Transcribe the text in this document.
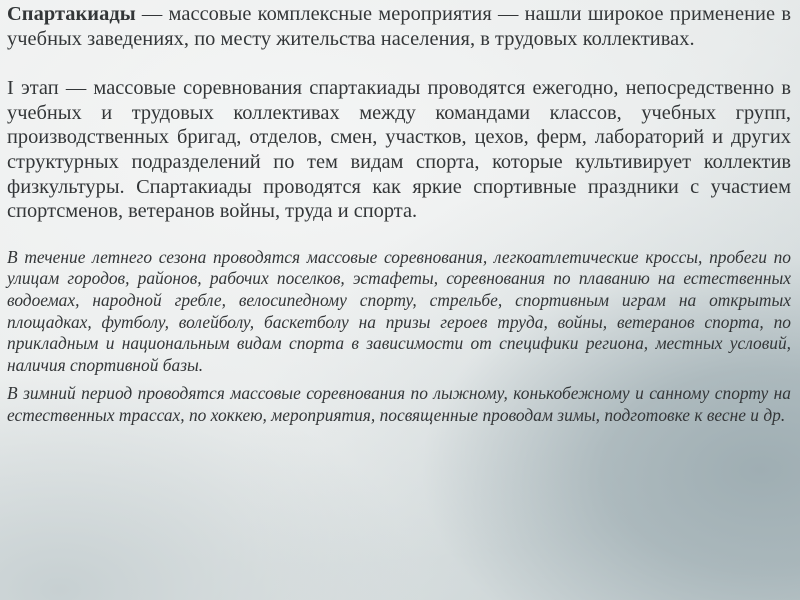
Спартакиады — массовые комплексные мероприятия — нашли широкое применение в учебных заведениях, по месту жительства населения, в трудовых коллективах.

I этап — массовые соревнования спартакиады проводятся ежегодно, непосредственно в учебных и трудовых коллективах между командами классов, учебных групп, производственных бригад, отделов, смен, участков, цехов, ферм, лабораторий и других структурных подразделений по тем видам спорта, которые культивирует коллектив физкультуры. Спартакиады проводятся как яркие спортивные праздники с участием спортсменов, ветеранов войны, труда и спорта.

В течение летнего сезона проводятся массовые соревнования, легкоатлетические кроссы, пробеги по улицам городов, районов, рабочих поселков, эстафеты, соревнования по плаванию на естественных водоемах, народной гребле, велосипедному спорту, стрельбе, спортивным играм на открытых площадках, футболу, волейболу, баскетболу на призы героев труда, войны, ветеранов спорта, по прикладным и национальным видам спорта в зависимости от специфики региона, местных условий, наличия спортивной базы.

В зимний период проводятся массовые соревнования по лыжному, конькобежному и санному спорту на естественных трассах, по хоккею, мероприятия, посвященные проводам зимы, подготовке к весне и др.
